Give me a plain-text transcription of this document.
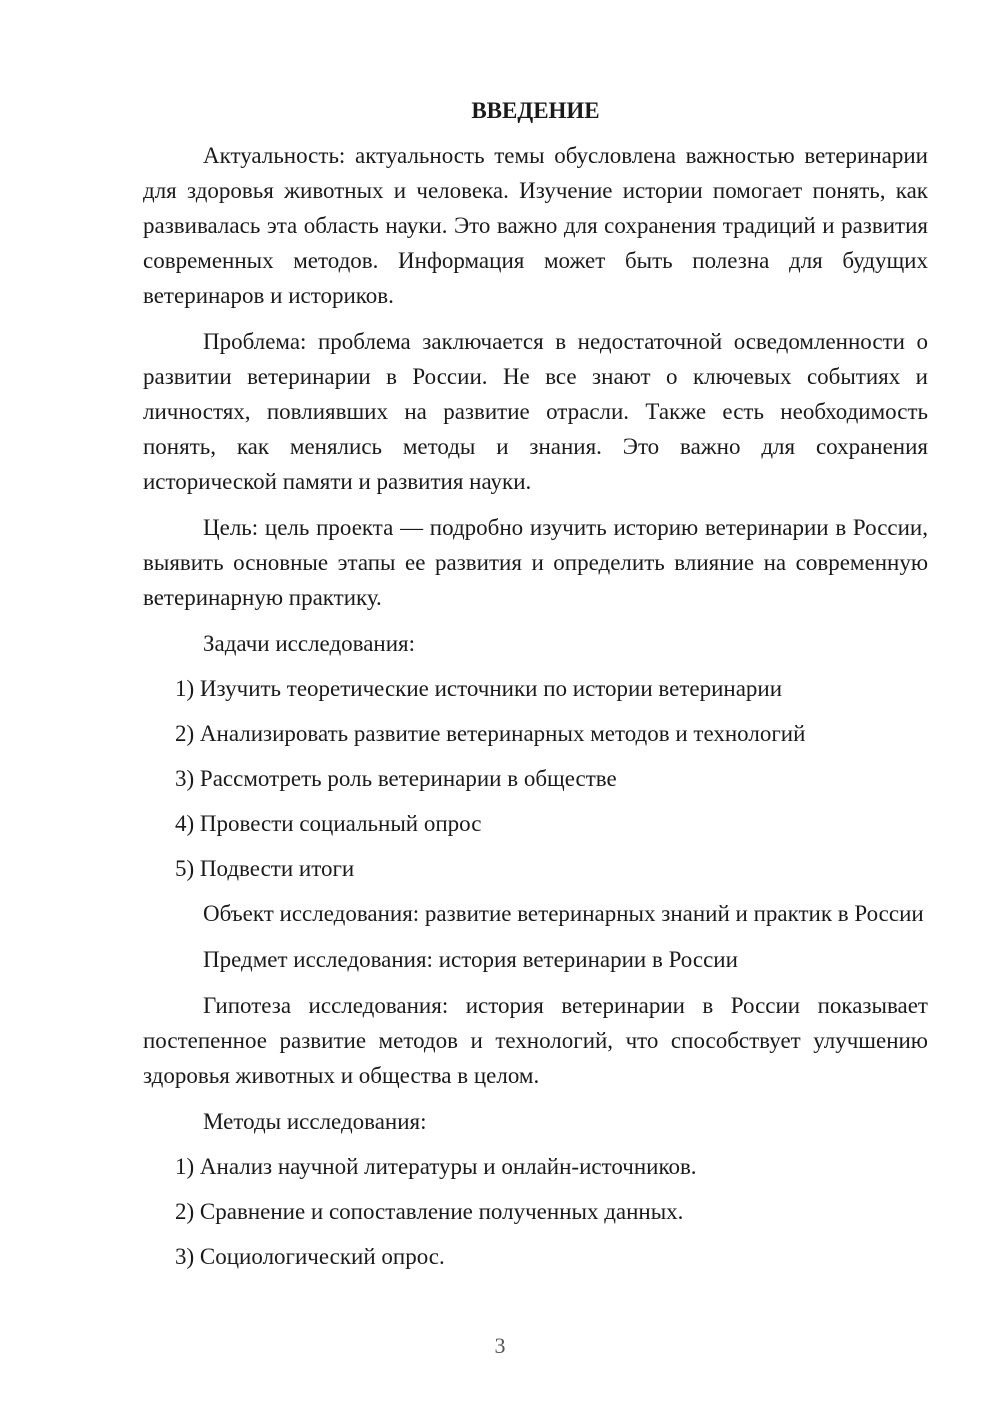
ВВЕДЕНИЕ

Актуальность: актуальность темы обусловлена важностью ветеринарии для здоровья животных и человека. Изучение истории помогает понять, как развивалась эта область науки. Это важно для сохранения традиций и развития современных методов. Информация может быть полезна для будущих ветеринаров и историков.

Проблема: проблема заключается в недостаточной осведомленности о развитии ветеринарии в России. Не все знают о ключевых событиях и личностях, повлиявших на развитие отрасли. Также есть необходимость понять, как менялись методы и знания. Это важно для сохранения исторической памяти и развития науки.

Цель: цель проекта — подробно изучить историю ветеринарии в России, выявить основные этапы ее развития и определить влияние на современную ветеринарную практику.

Задачи исследования:

1) Изучить теоретические источники по истории ветеринарии
2) Анализировать развитие ветеринарных методов и технологий
3) Рассмотреть роль ветеринарии в обществе
4) Провести социальный опрос
5) Подвести итоги

Объект исследования: развитие ветеринарных знаний и практик в России

Предмет исследования: история ветеринарии в России

Гипотеза исследования: история ветеринарии в России показывает постепенное развитие методов и технологий, что способствует улучшению здоровья животных и общества в целом.

Методы исследования:

1) Анализ научной литературы и онлайн-источников.
2) Сравнение и сопоставление полученных данных.
3) Социологический опрос.
3
